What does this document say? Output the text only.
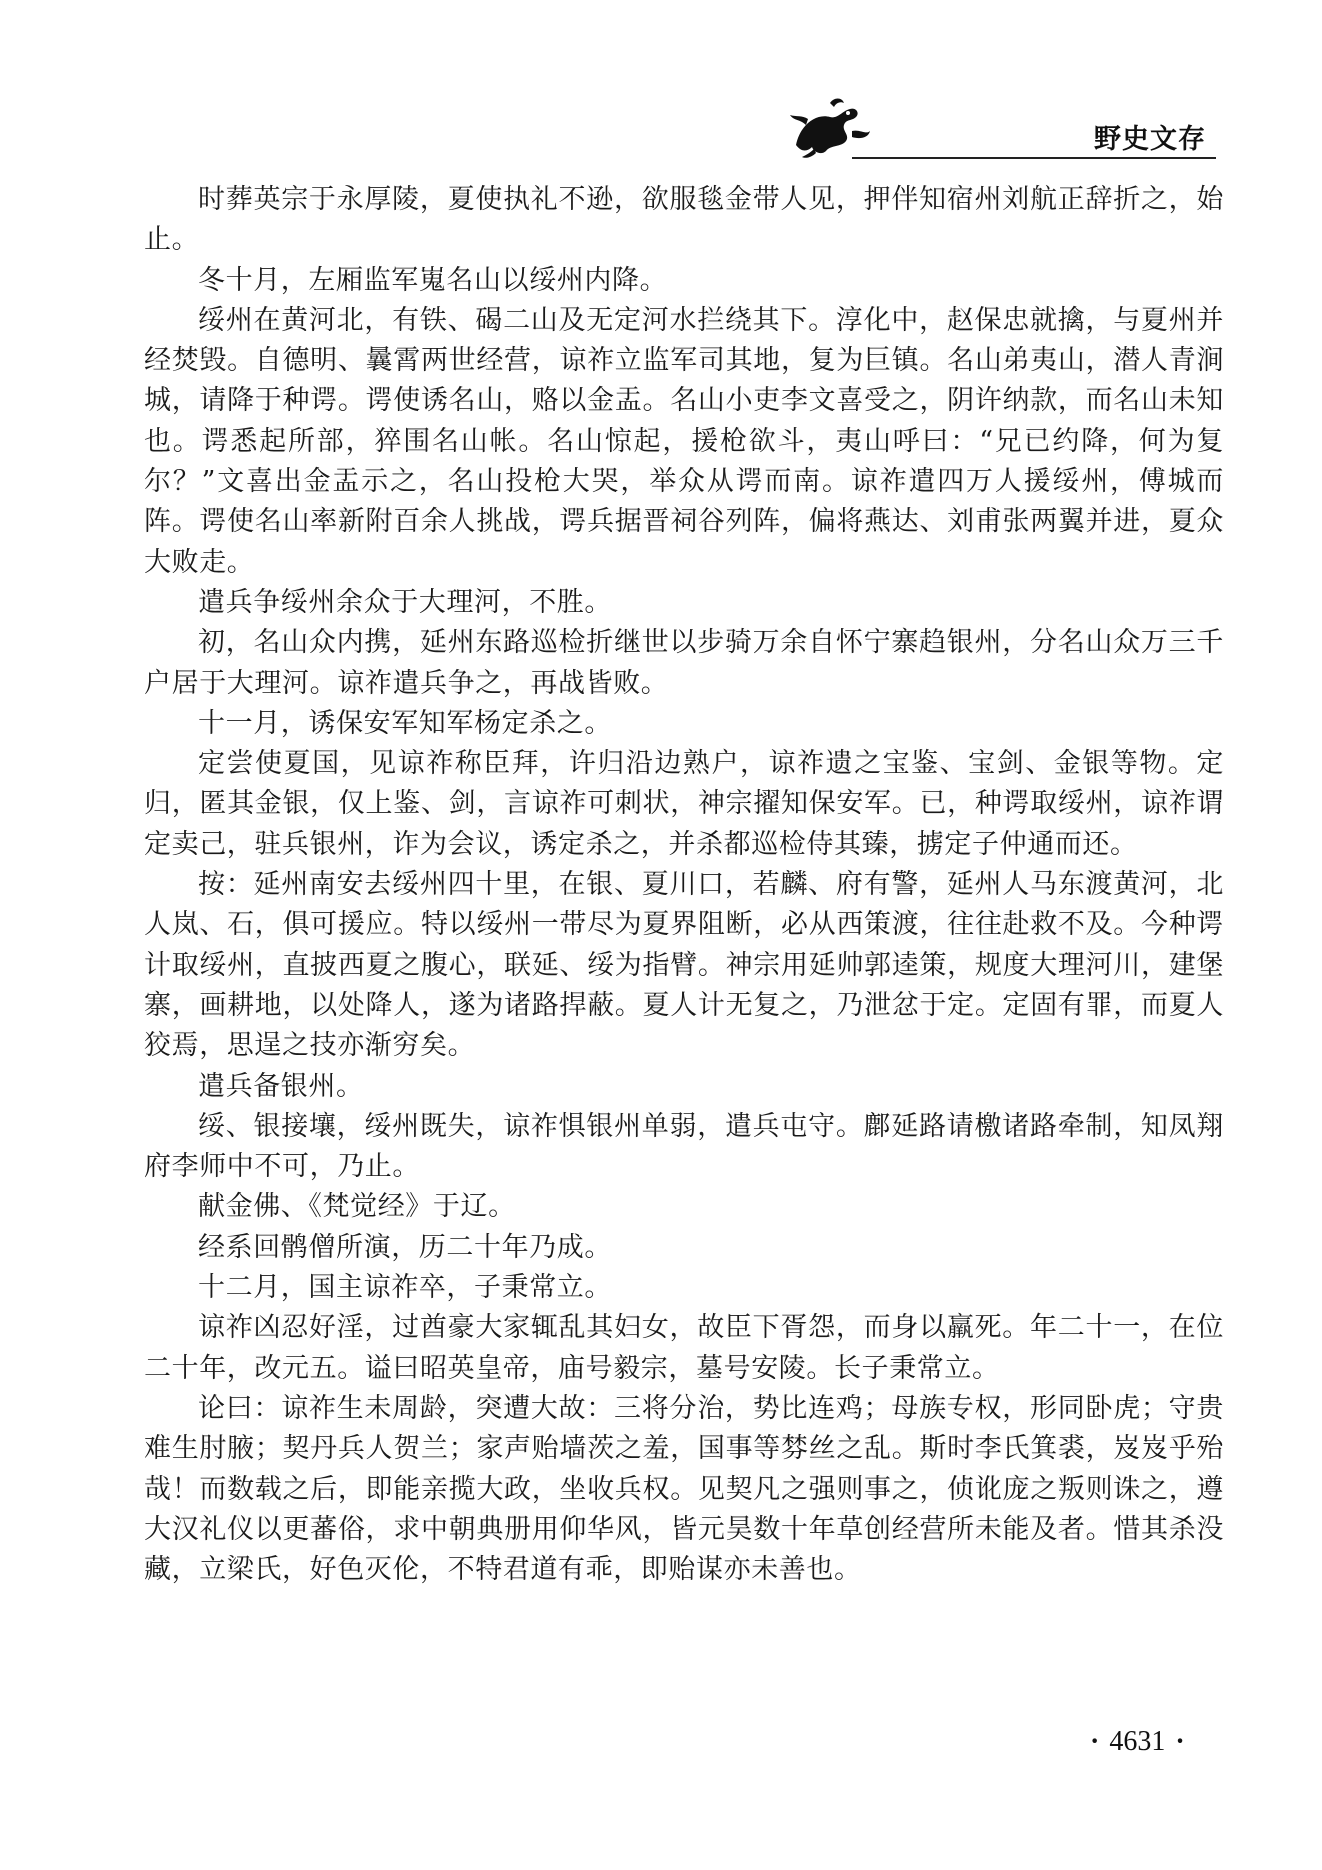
野史文存

时葬英宗于永厚陵，夏使执礼不逊，欲服毯金带人见，押伴知宿州刘航正辞折之，始止。

冬十月，左厢监军嵬名山以绥州内降。

绥州在黄河北，有铁、碣二山及无定河水拦绕其下。淳化中，赵保忠就擒，与夏州并经焚毁。自德明、曩霄两世经营，谅祚立监军司其地，复为巨镇。名山弟夷山，潜人青涧城，请降于种谔。谔使诱名山，赂以金盂。名山小吏李文喜受之，阴许纳款，而名山未知也。谔悉起所部，猝围名山帐。名山惊起，援枪欲斗，夷山呼曰：“兄已约降，何为复尔？”文喜出金盂示之，名山投枪大哭，举众从谔而南。谅祚遣四万人援绥州，傅城而阵。谔使名山率新附百余人挑战，谔兵据晋祠谷列阵，偏将燕达、刘甫张两翼并进，夏众大败走。

遣兵争绥州余众于大理河，不胜。

初，名山众内携，延州东路巡检折继世以步骑万余自怀宁寨趋银州，分名山众万三千户居于大理河。谅祚遣兵争之，再战皆败。

十一月，诱保安军知军杨定杀之。

定尝使夏国，见谅祚称臣拜，许归沿边熟户，谅祚遗之宝鉴、宝剑、金银等物。定归，匿其金银，仅上鉴、剑，言谅祚可刺状，神宗擢知保安军。已，种谔取绥州，谅祚谓定卖己，驻兵银州，诈为会议，诱定杀之，并杀都巡检侍其臻，掳定子仲通而还。

按：延州南安去绥州四十里，在银、夏川口，若麟、府有警，延州人马东渡黄河，北人岚、石，俱可援应。特以绥州一带尽为夏界阻断，必从西策渡，往往赴救不及。今种谔计取绥州，直披西夏之腹心，联延、绥为指臂。神宗用延帅郭逵策，规度大理河川，建堡寨，画耕地，以处降人，遂为诸路捍蔽。夏人计无复之，乃泄忿于定。定固有罪，而夏人狡焉，思逞之技亦渐穷矣。

遣兵备银州。

绥、银接壤，绥州既失，谅祚惧银州单弱，遣兵屯守。鄜延路请檄诸路牵制，知凤翔府李师中不可，乃止。

献金佛、《梵觉经》于辽。

经系回鹘僧所演，历二十年乃成。

十二月，国主谅祚卒，子秉常立。

谅祚凶忍好淫，过酋豪大家辄乱其妇女，故臣下胥怨，而身以羸死。年二十一，在位二十年，改元五。谥曰昭英皇帝，庙号毅宗，墓号安陵。长子秉常立。

论曰：谅祚生未周龄，突遭大故：三将分治，势比连鸡；母族专权，形同卧虎；守贵难生肘腋；契丹兵人贺兰；家声贻墙茨之羞，国事等棼丝之乱。斯时李氏箕裘，岌岌乎殆哉！而数载之后，即能亲揽大政，坐收兵权。见契凡之强则事之，侦讹庞之叛则诛之，遵大汉礼仪以更蕃俗，求中朝典册用仰华风，皆元昊数十年草创经营所未能及者。惜其杀没藏，立梁氏，好色灭伦，不特君道有乖，即贻谋亦未善也。

· 4631 ·
